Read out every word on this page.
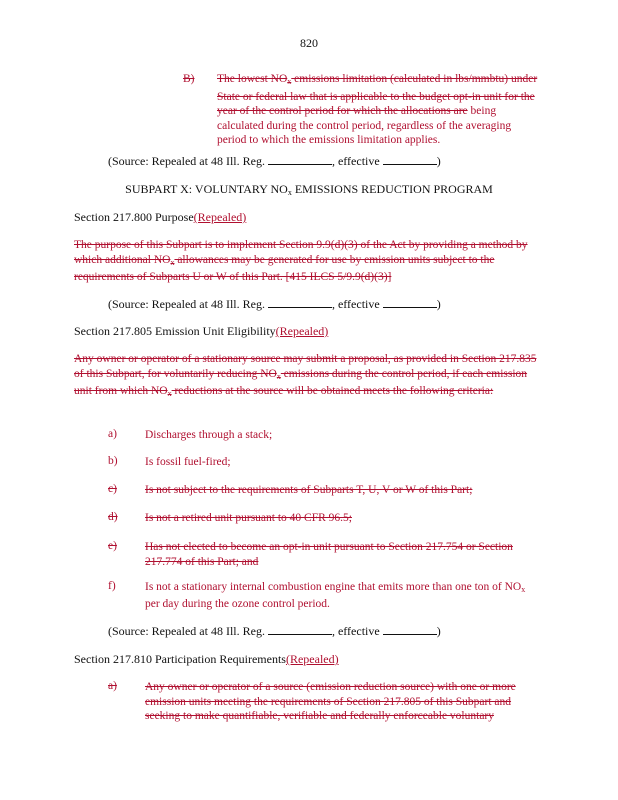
820
B)	The lowest $NO_x$ emissions limitation (calculated in lbs/mmbtu) under State or federal law that is applicable to the budget opt-in unit for the year of the control period for which the allocations are being calculated during the control period, regardless of the averaging period to which the emissions limitation applies.
(Source: Repealed at 48 Ill. Reg.	, effective	)
SUBPART X: VOLUNTARY $NO_x$ EMISSIONS REDUCTION PROGRAM
Section 217.800 Purpose(Repealed)
The purpose of this Subpart is to implement Section 9.9(d)(3) of the Act by providing a method by which additional $NO_x$ allowances may be generated for use by emission units subject to the requirements of Subparts U or W of this Part. [415 ILCS 5/9.9(d)(3)]
(Source: Repealed at 48 Ill. Reg.	, effective	)
Section 217.805 Emission Unit Eligibility(Repealed)
Any owner or operator of a stationary source may submit a proposal, as provided in Section 217.835 of this Subpart, for voluntarily reducing $NO_x$ emissions during the control period, if each emission unit from which $NO_x$ reductions at the source will be obtained meets the following criteria:
a)	Discharges through a stack;
b)	Is fossil fuel-fired;
c)	Is not subject to the requirements of Subparts T, U, V or W of this Part;
d)	Is not a retired unit pursuant to 40 CFR 96.5;
e)	Has not elected to become an opt-in unit pursuant to Section 217.754 or Section 217.774 of this Part; and
f)	Is not a stationary internal combustion engine that emits more than one ton of $NO_x$ per day during the ozone control period.
(Source: Repealed at 48 Ill. Reg.	, effective	)
Section 217.810 Participation Requirements(Repealed)
a)	Any owner or operator of a source (emission reduction source) with one or more emission units meeting the requirements of Section 217.805 of this Subpart and seeking to make quantifiable, verifiable and federally enforceable voluntary
